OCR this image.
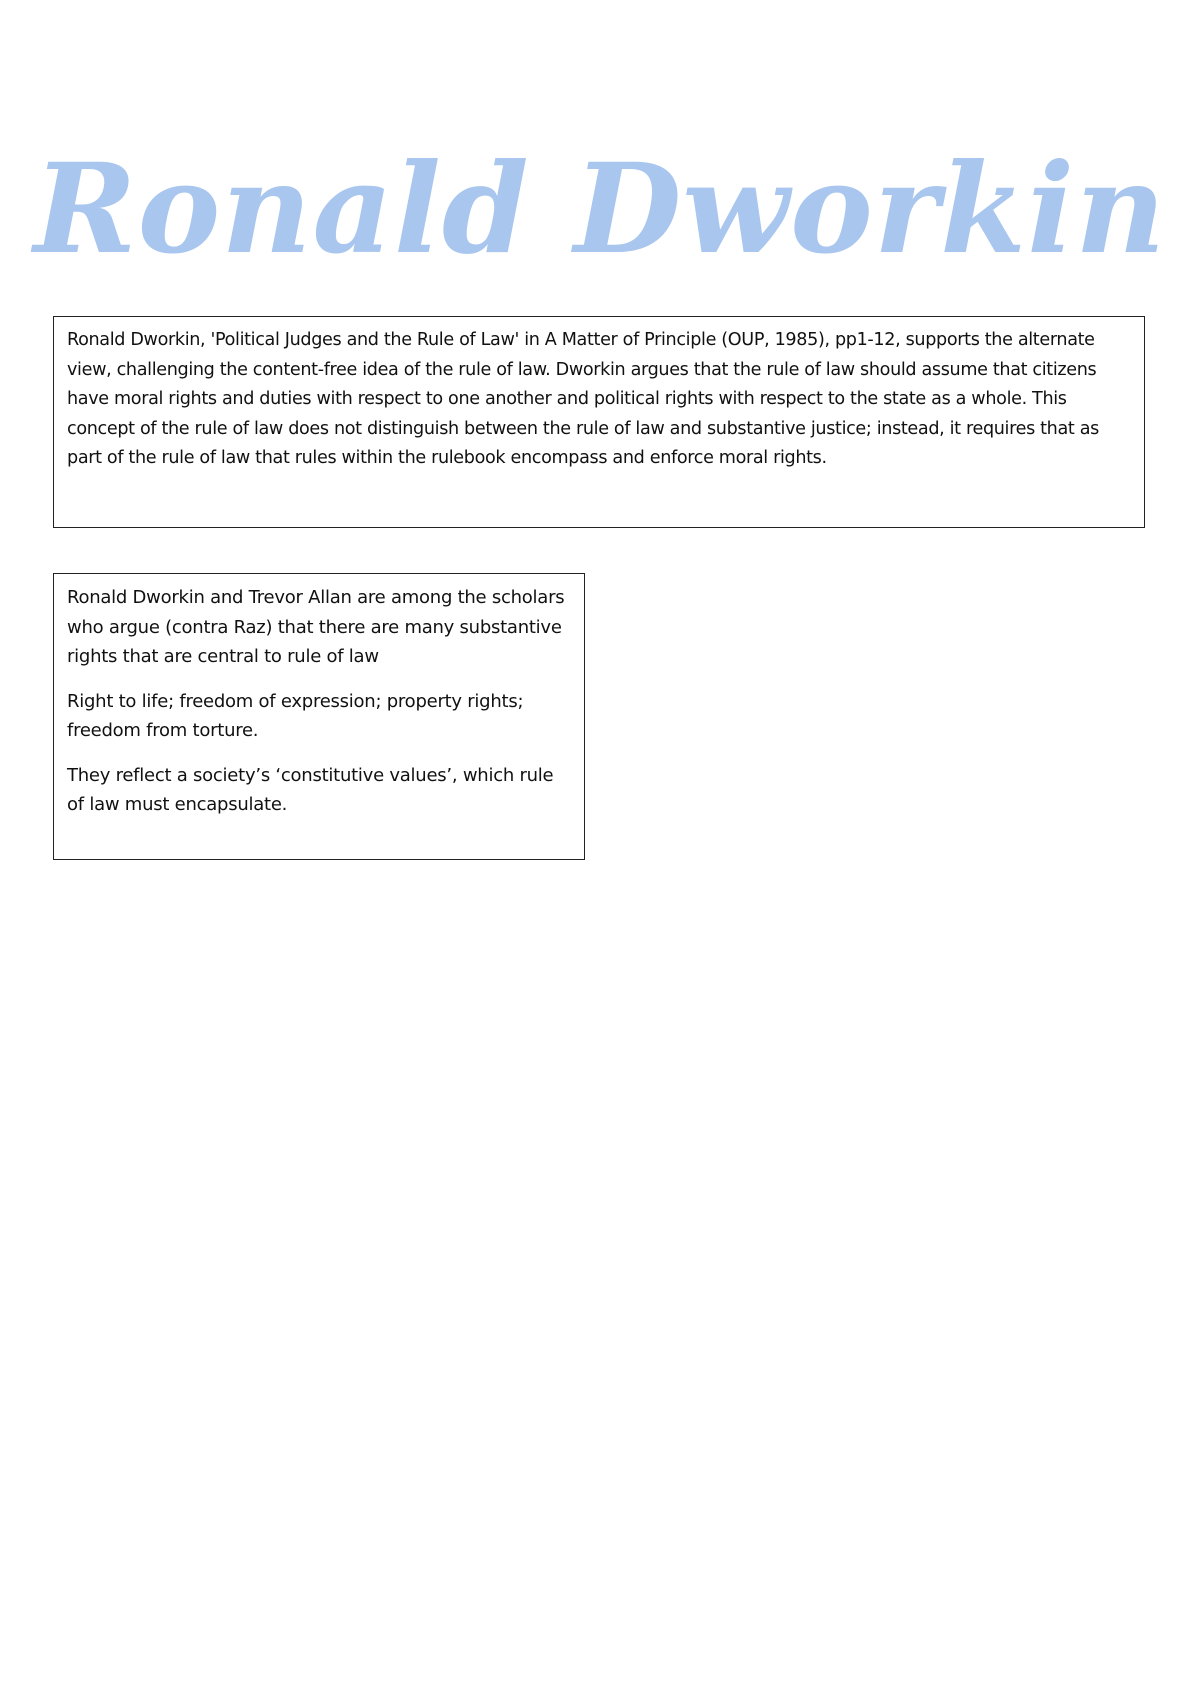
Ronald Dworkin

Ronald Dworkin, 'Political Judges and the Rule of Law' in A Matter of Principle (OUP, 1985), pp1-12, supports the alternate view, challenging the content-free idea of the rule of law. Dworkin argues that the rule of law should assume that citizens have moral rights and duties with respect to one another and political rights with respect to the state as a whole. This concept of the rule of law does not distinguish between the rule of law and substantive justice; instead, it requires that as part of the rule of law that rules within the rulebook encompass and enforce moral rights.

Ronald Dworkin and Trevor Allan are among the scholars who argue (contra Raz) that there are many substantive rights that are central to rule of law

Right to life; freedom of expression; property rights; freedom from torture.

They reflect a society’s ‘constitutive values’, which rule of law must encapsulate.
